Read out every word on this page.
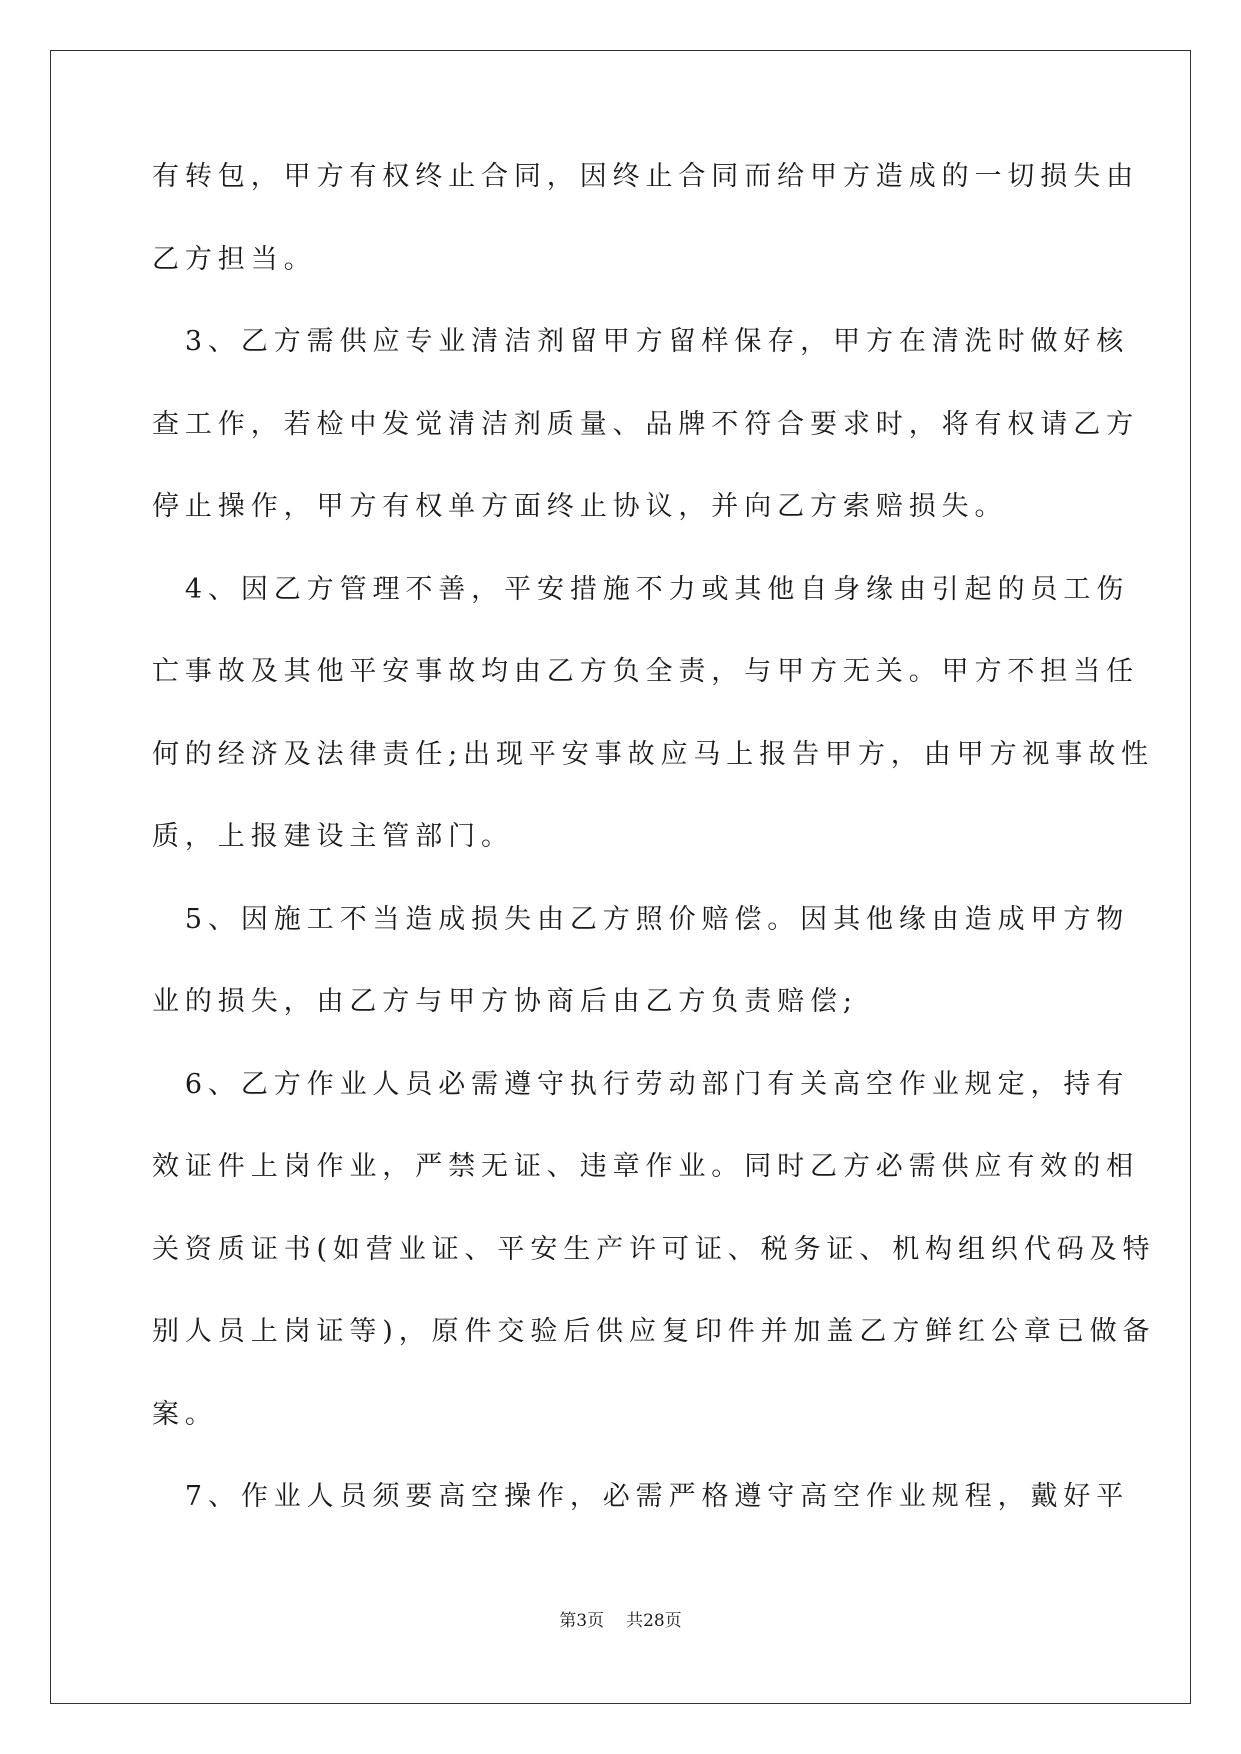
有转包，甲方有权终止合同，因终止合同而给甲方造成的一切损失由
乙方担当。
　3、乙方需供应专业清洁剂留甲方留样保存，甲方在清洗时做好核
查工作，若检中发觉清洁剂质量、品牌不符合要求时，将有权请乙方
停止操作，甲方有权单方面终止协议，并向乙方索赔损失。
　4、因乙方管理不善，平安措施不力或其他自身缘由引起的员工伤
亡事故及其他平安事故均由乙方负全责，与甲方无关。甲方不担当任
何的经济及法律责任;出现平安事故应马上报告甲方，由甲方视事故性
质，上报建设主管部门。
　5、因施工不当造成损失由乙方照价赔偿。因其他缘由造成甲方物
业的损失，由乙方与甲方协商后由乙方负责赔偿;
　6、乙方作业人员必需遵守执行劳动部门有关高空作业规定，持有
效证件上岗作业，严禁无证、违章作业。同时乙方必需供应有效的相
关资质证书(如营业证、平安生产许可证、税务证、机构组织代码及特
别人员上岗证等)，原件交验后供应复印件并加盖乙方鲜红公章已做备
案。
　7、作业人员须要高空操作，必需严格遵守高空作业规程，戴好平
第3页 共28页
